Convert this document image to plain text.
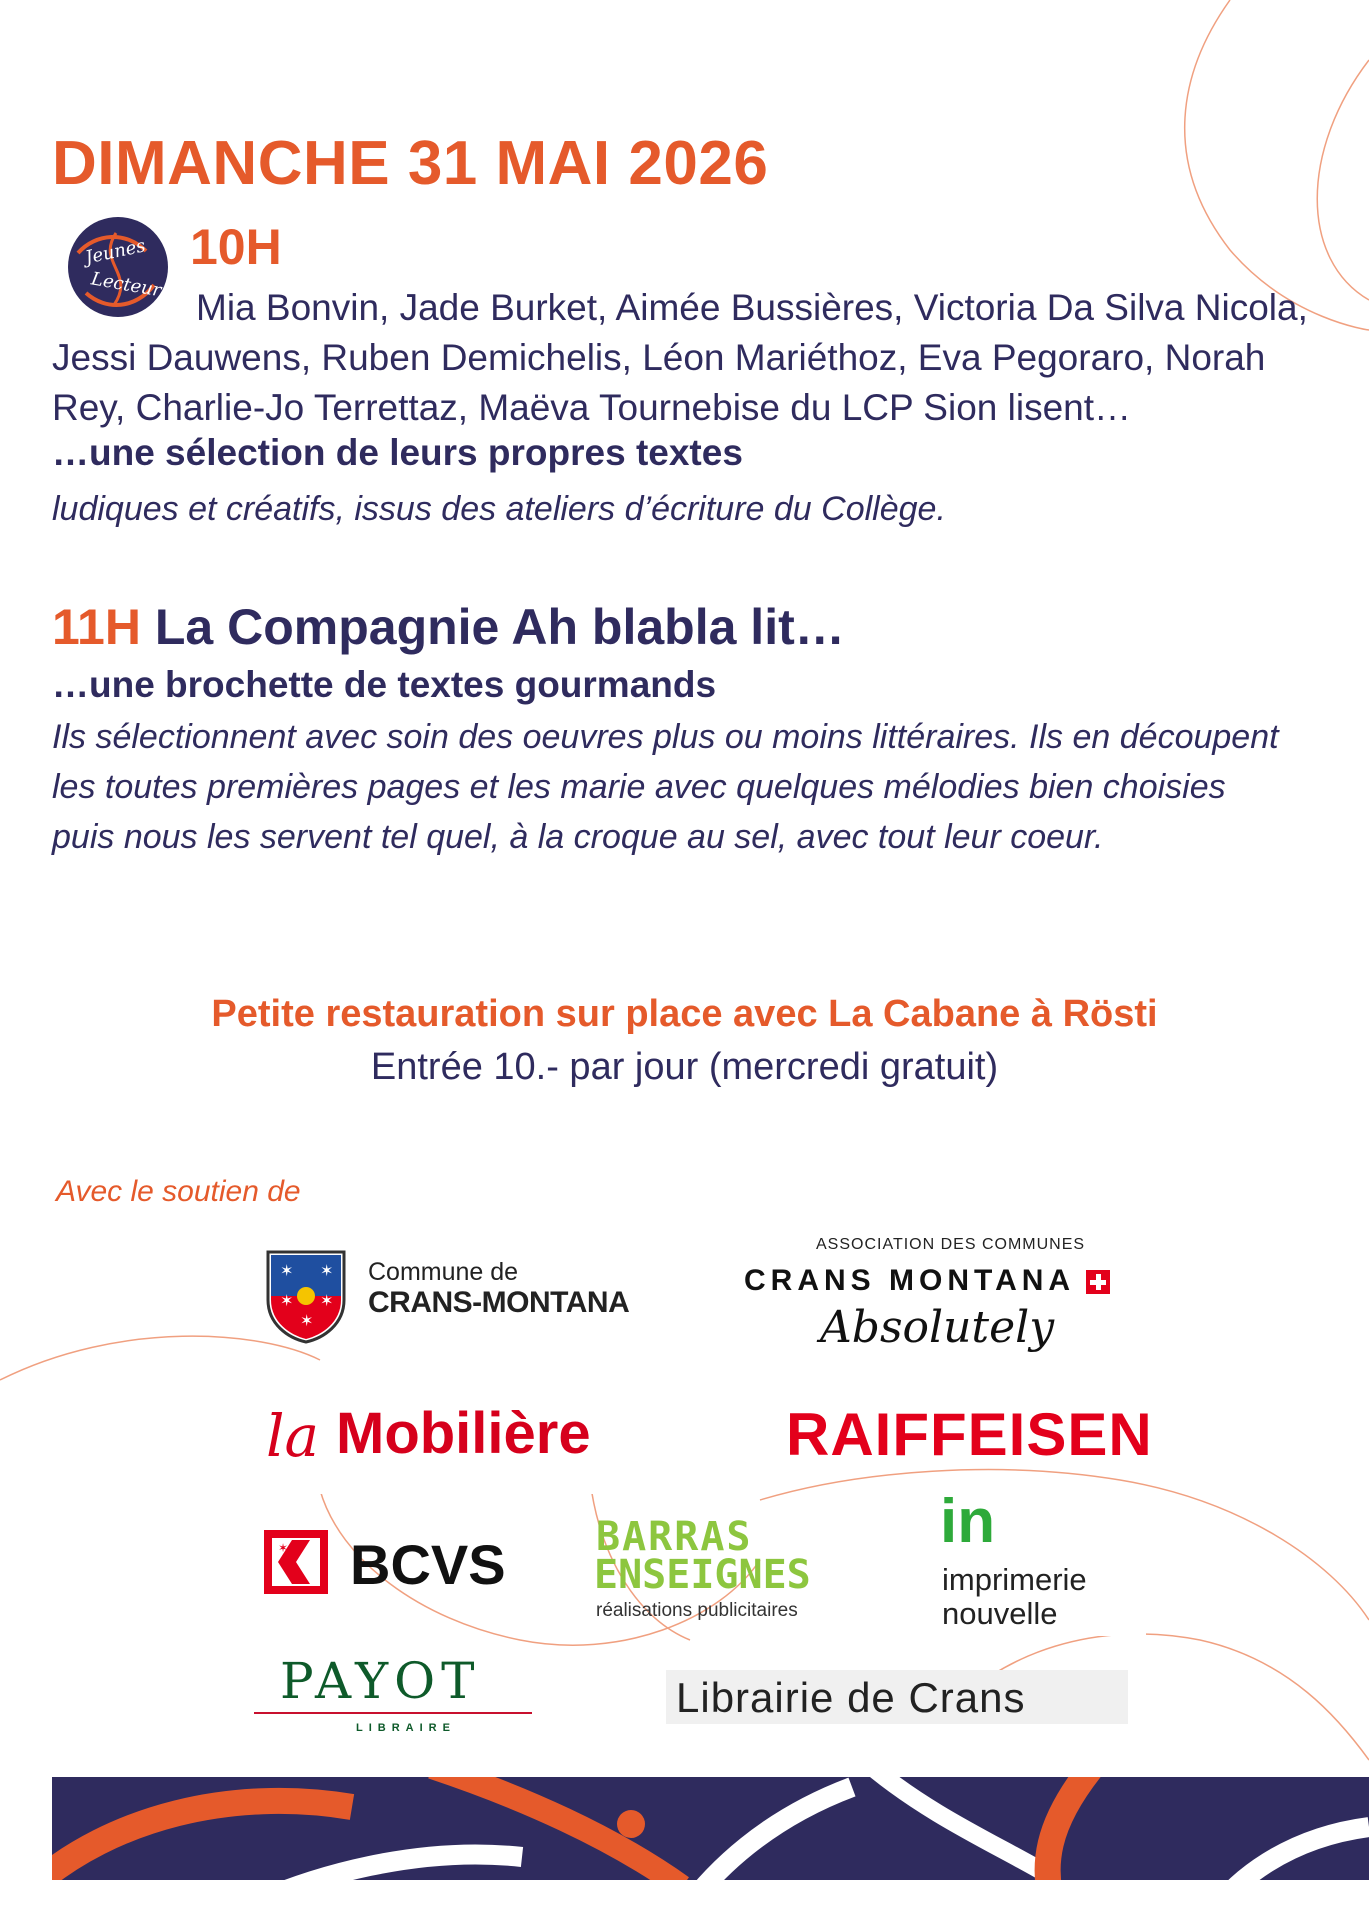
DIMANCHE 31 MAI 2026
Jeunes
Lecteurs
10H
Mia Bonvin, Jade Burket, Aimée Bussières, Victoria Da Silva Nicola, Jessi Dauwens, Ruben Demichelis, Léon Mariéthoz, Eva Pegoraro, Norah Rey, Charlie-Jo Terrettaz, Maëva Tournebise du LCP Sion lisent…
…une sélection de leurs propres textes
ludiques et créatifs, issus des ateliers d’écriture du Collège.
11H La Compagnie Ah blabla lit…
…une brochette de textes gourmands
Ils sélectionnent avec soin des oeuvres plus ou moins littéraires. Ils en découpent les toutes premières pages et les marie avec quelques mélodies bien choisies puis nous les servent tel quel, à la croque au sel, avec tout leur coeur.
Petite restauration sur place avec La Cabane à Rösti
Entrée 10.- par jour (mercredi gratuit)
Avec le soutien de
✶ ✶
✶ ✶
✶
Commune de
CRANS-MONTANA
ASSOCIATION DES COMMUNES
CRANS MONTANA
Absolutely
la Mobilière	RAIFFEISEN
✶ BCVS BARRAS
ENSEIGNES
réalisations publicitaires
in
imprimerie
nouvelle
PAYOT
LIBRAIRE
Librairie de Crans
